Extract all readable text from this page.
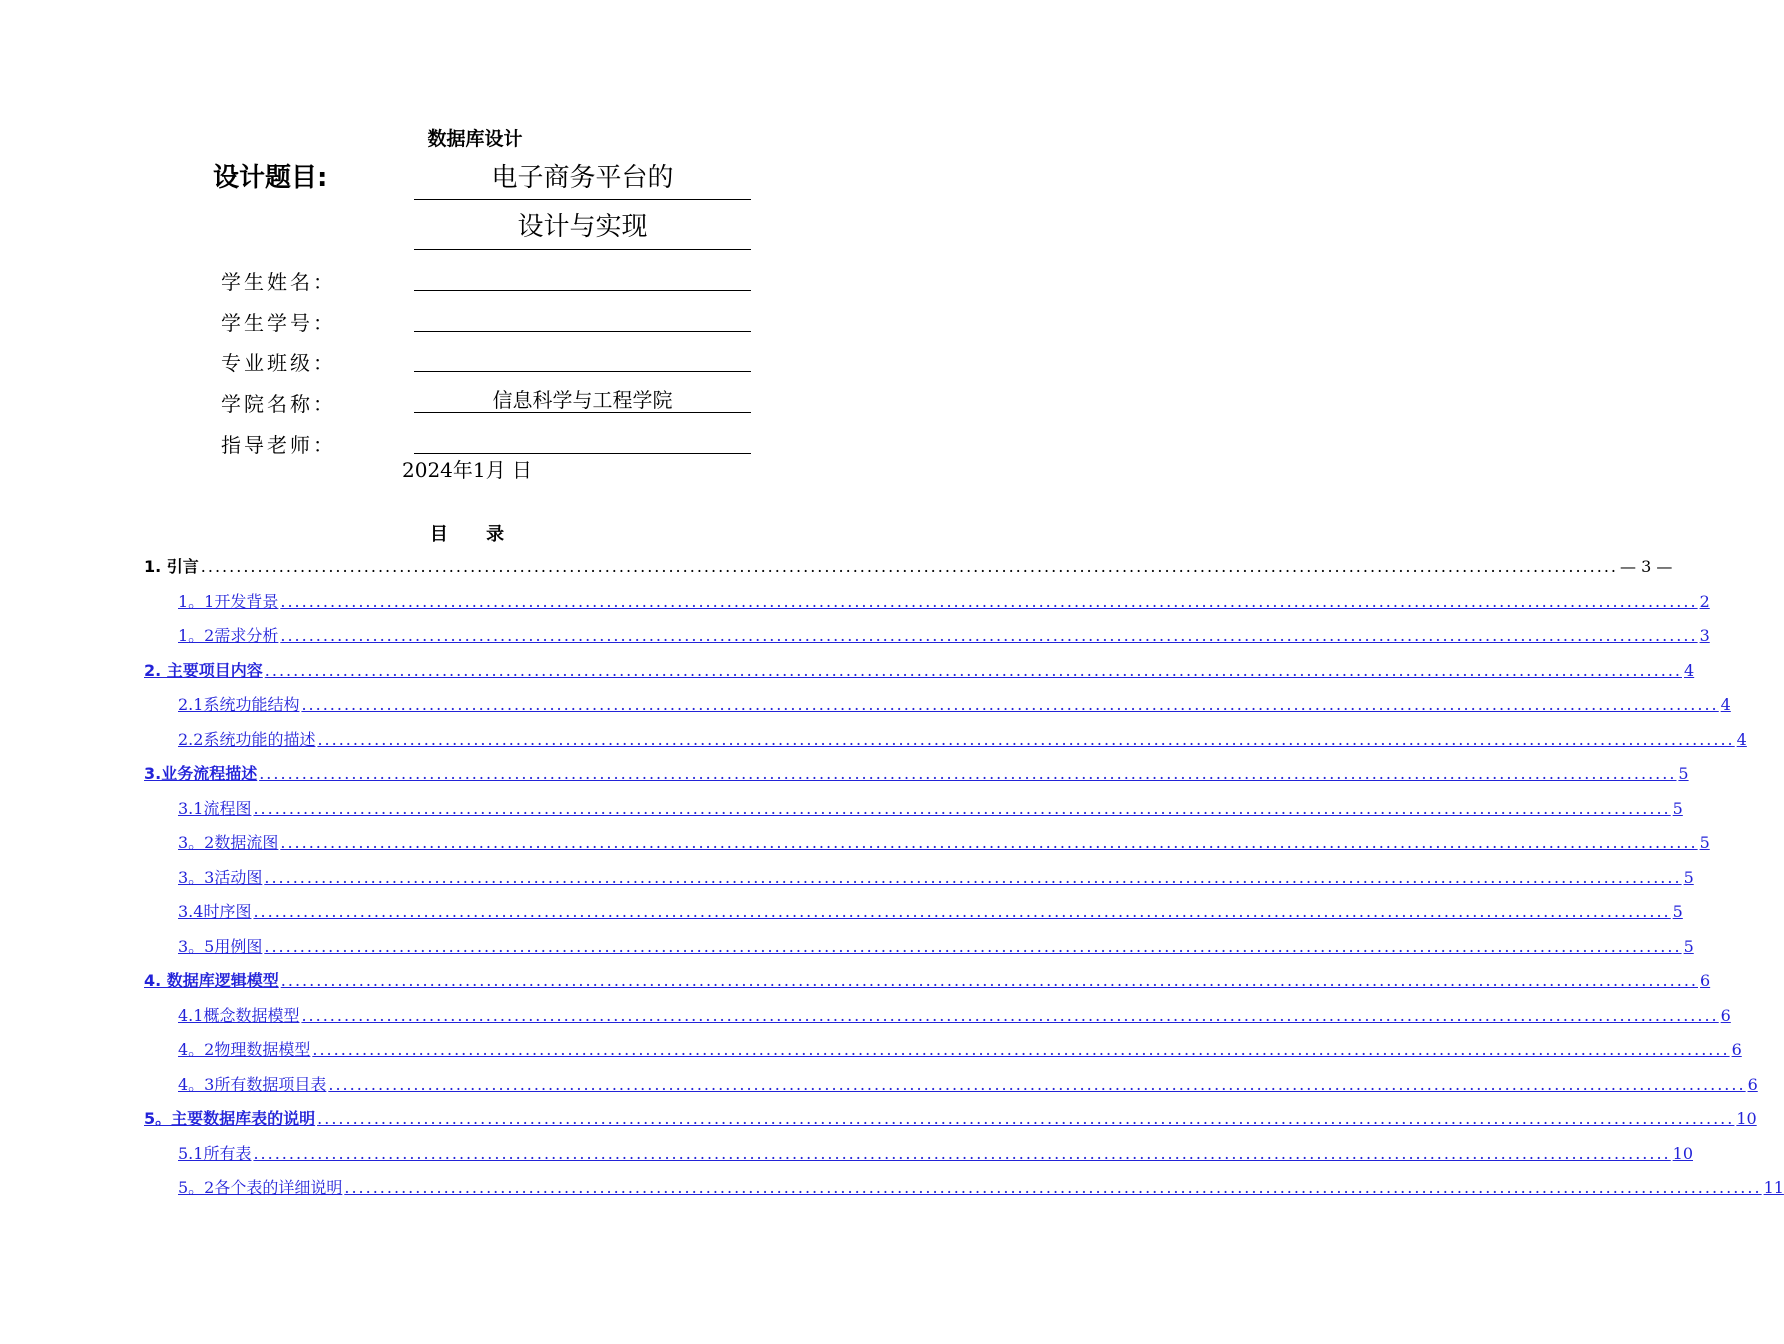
数据库设计
设计题目:	电子商务平台的
设计与实现
学生姓名：
学生学号：
专业班级：
学院名称：	信息科学与工程学院
指导老师：
2024年1月 日
目 录
1. 引言 ........................................................................................................................................................................................................ — 3 —
1。1开发背景 ........................................................................................................................................................................................................ 2
1。2需求分析 ........................................................................................................................................................................................................ 3
2. 主要项目内容 ........................................................................................................................................................................................................ 4
2.1系统功能结构 ........................................................................................................................................................................................................ 4
2.2系统功能的描述 ........................................................................................................................................................................................................ 4
3.业务流程描述 ........................................................................................................................................................................................................ 5
3.1流程图 ........................................................................................................................................................................................................ 5
3。2数据流图 ........................................................................................................................................................................................................ 5
3。3活动图 ........................................................................................................................................................................................................ 5
3.4时序图 ........................................................................................................................................................................................................ 5
3。5用例图 ........................................................................................................................................................................................................ 5
4. 数据库逻辑模型 ........................................................................................................................................................................................................ 6
4.1概念数据模型 ........................................................................................................................................................................................................ 6
4。2物理数据模型 ........................................................................................................................................................................................................ 6
4。3所有数据项目表 ........................................................................................................................................................................................................ 6
5。主要数据库表的说明 ........................................................................................................................................................................................................ 10
5.1所有表 ........................................................................................................................................................................................................ 10
5。2各个表的详细说明 ........................................................................................................................................................................................................ 11
